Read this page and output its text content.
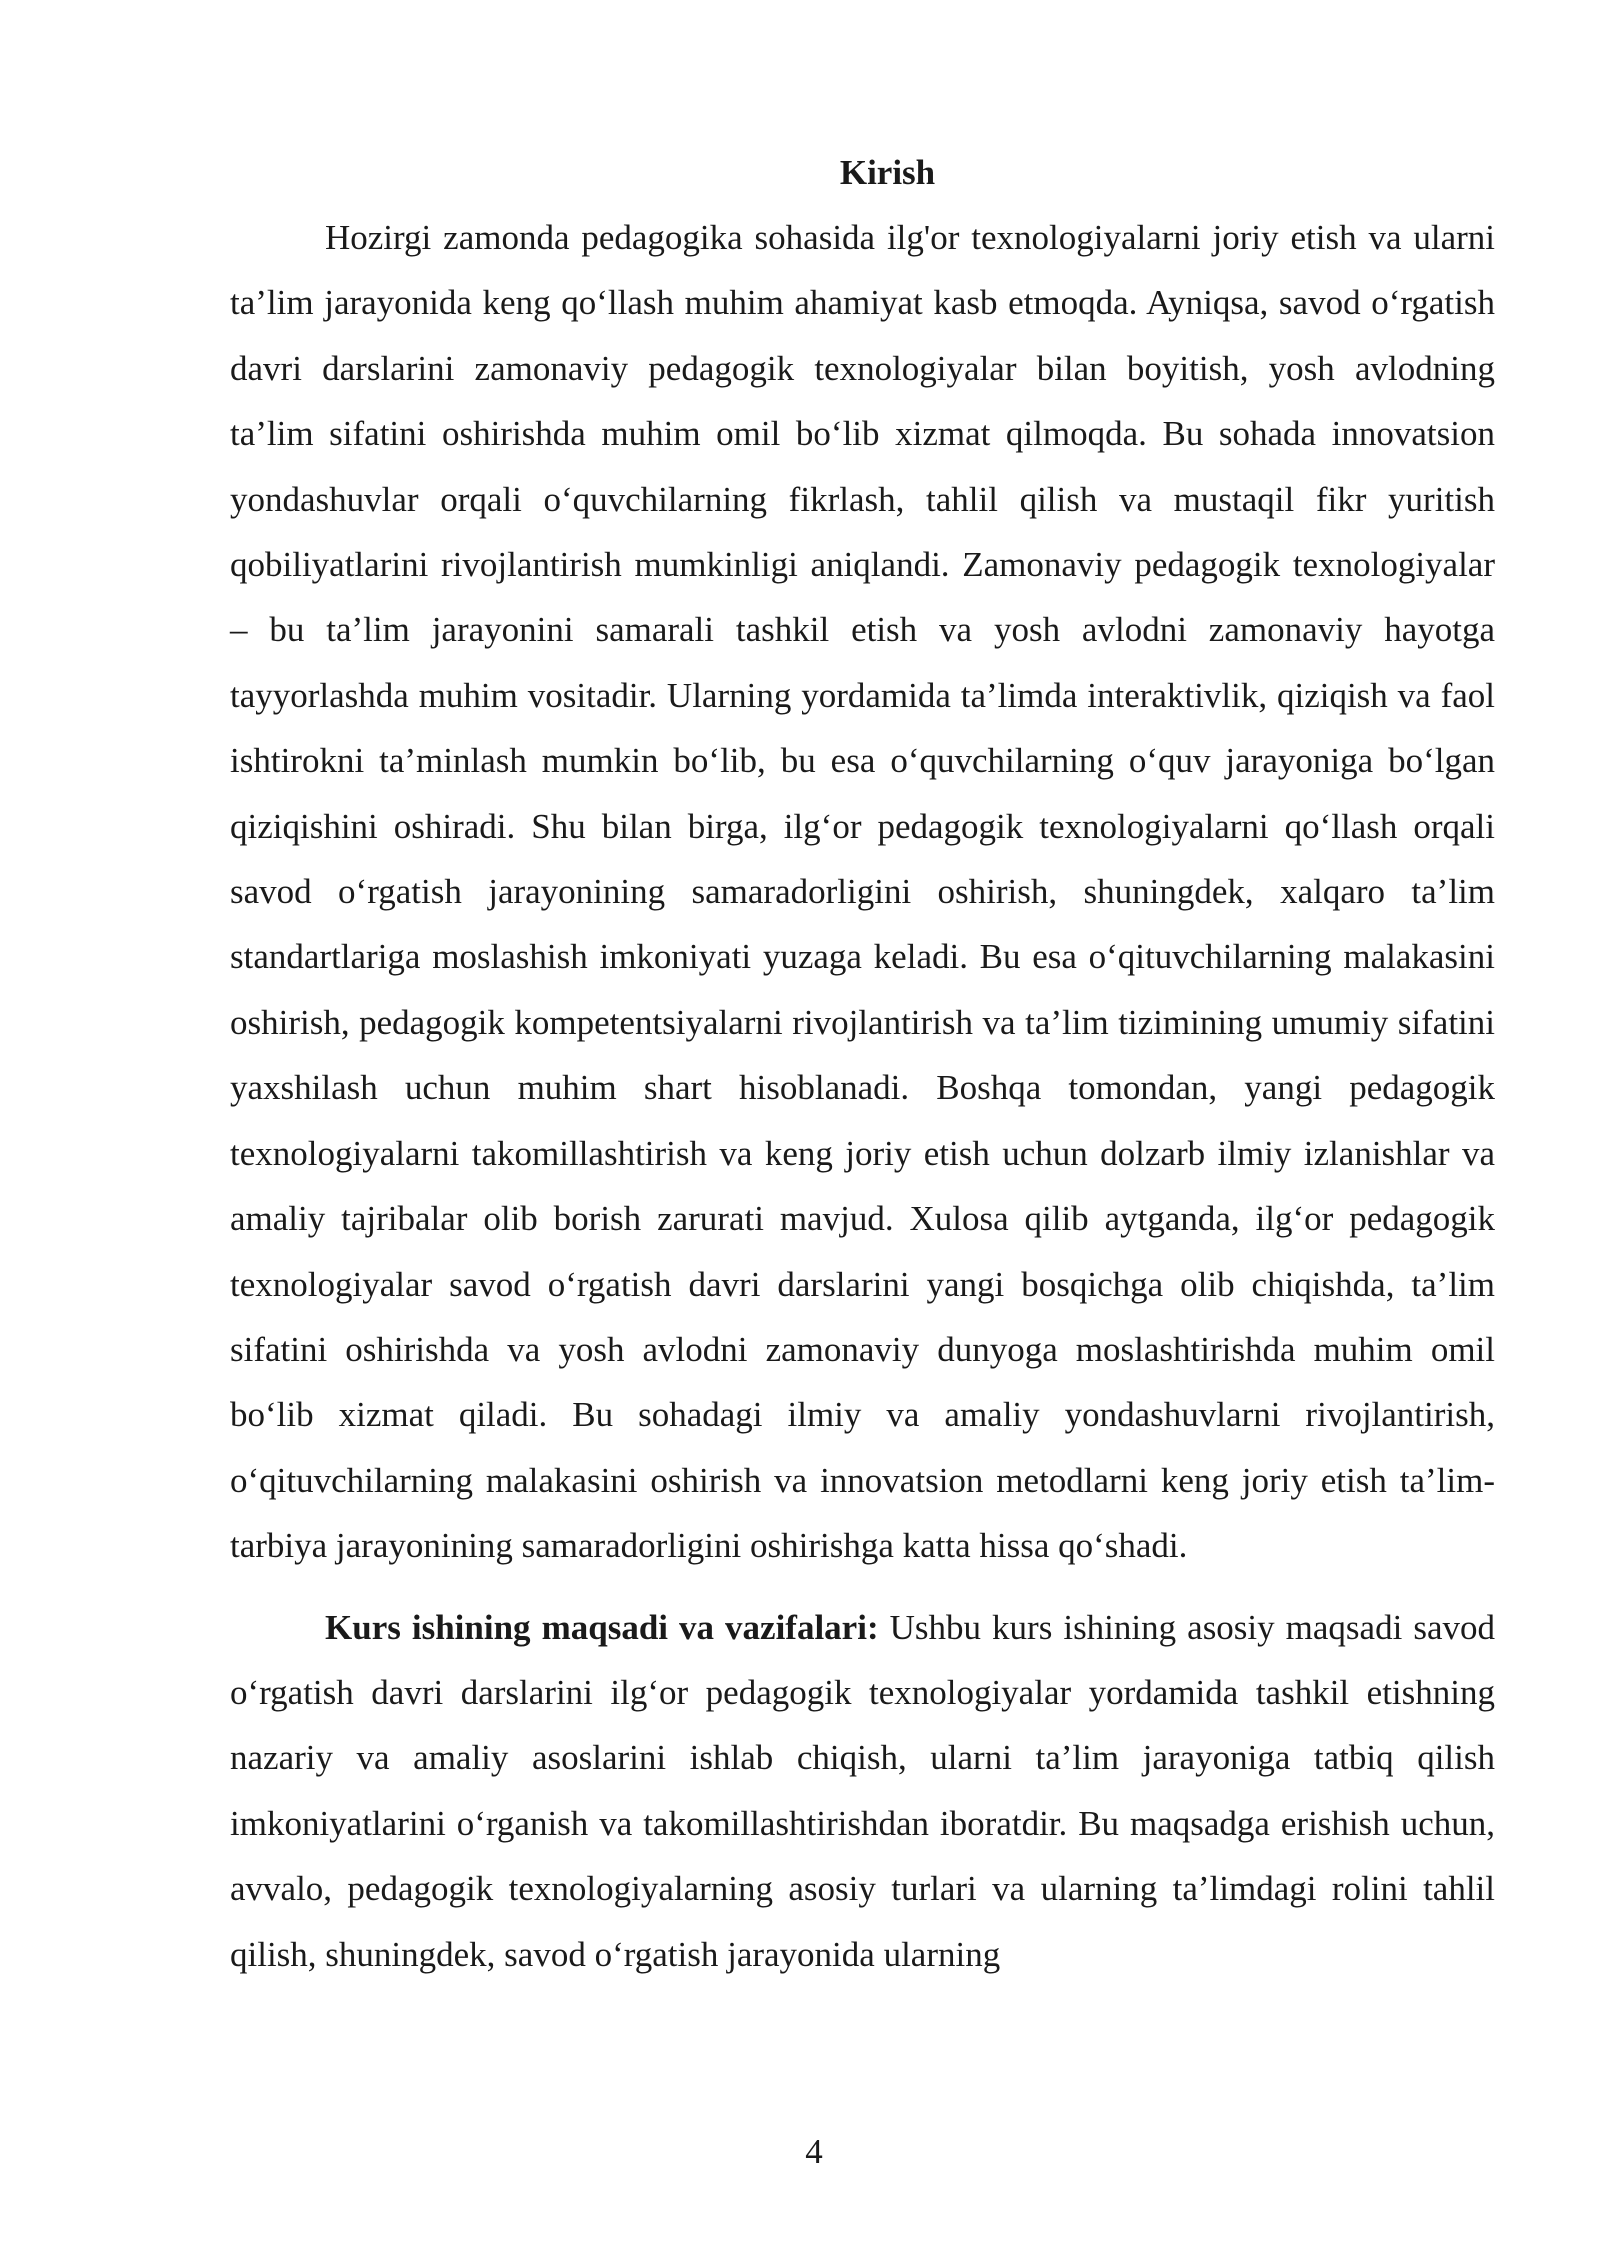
Kirish

Hozirgi zamonda pedagogika sohasida ilg'or texnologiyalarni joriy etish va ularni ta’lim jarayonida keng qo‘llash muhim ahamiyat kasb etmoqda. Ayniqsa, savod o‘rgatish davri darslarini zamonaviy pedagogik texnologiyalar bilan boyitish, yosh avlodning ta’lim sifatini oshirishda muhim omil bo‘lib xizmat qilmoqda. Bu sohada innovatsion yondashuvlar orqali o‘quvchilarning fikrlash, tahlil qilish va mustaqil fikr yuritish qobiliyatlarini rivojlantirish mumkinligi aniqlandi. Zamonaviy pedagogik texnologiyalar – bu ta’lim jarayonini samarali tashkil etish va yosh avlodni zamonaviy hayotga tayyorlashda muhim vositadir. Ularning yordamida ta’limda interaktivlik, qiziqish va faol ishtirokni ta’minlash mumkin bo‘lib, bu esa o‘quvchilarning o‘quv jarayoniga bo‘lgan qiziqishini oshiradi. Shu bilan birga, ilg‘or pedagogik texnologiyalarni qo‘llash orqali savod o‘rgatish jarayonining samaradorligini oshirish, shuningdek, xalqaro ta’lim standartlariga moslashish imkoniyati yuzaga keladi. Bu esa o‘qituvchilarning malakasini oshirish, pedagogik kompetentsiyalarni rivojlantirish va ta’lim tizimining umumiy sifatini yaxshilash uchun muhim shart hisoblanadi. Boshqa tomondan, yangi pedagogik texnologiyalarni takomillashtirish va keng joriy etish uchun dolzarb ilmiy izlanishlar va amaliy tajribalar olib borish zarurati mavjud. Xulosa qilib aytganda, ilg‘or pedagogik texnologiyalar savod o‘rgatish davri darslarini yangi bosqichga olib chiqishda, ta’lim sifatini oshirishda va yosh avlodni zamonaviy dunyoga moslashtirishda muhim omil bo‘lib xizmat qiladi. Bu sohadagi ilmiy va amaliy yondashuvlarni rivojlantirish, o‘qituvchilarning malakasini oshirish va innovatsion metodlarni keng joriy etish ta’lim-tarbiya jarayonining samaradorligini oshirishga katta hissa qo‘shadi.

Kurs ishining maqsadi va vazifalari: Ushbu kurs ishining asosiy maqsadi savod o‘rgatish davri darslarini ilg‘or pedagogik texnologiyalar yordamida tashkil etishning nazariy va amaliy asoslarini ishlab chiqish, ularni ta’lim jarayoniga tatbiq qilish imkoniyatlarini o‘rganish va takomillashtirishdan iboratdir. Bu maqsadga erishish uchun, avvalo, pedagogik texnologiyalarning asosiy turlari va ularning ta’limdagi rolini tahlil qilish, shuningdek, savod o‘rgatish jarayonida ularning

4
